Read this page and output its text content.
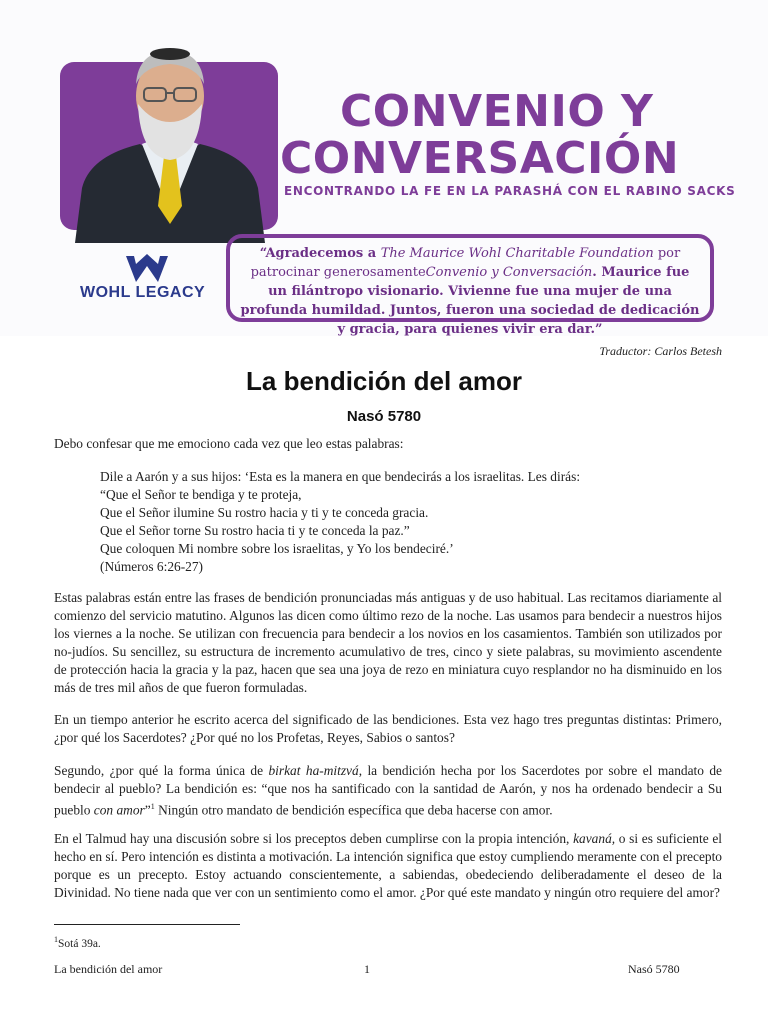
WOHL LEGACY
CONVENIO Y
CONVERSACIÓN
ENCONTRANDO LA FE EN LA PARASHÁ CON EL RABINO SACKS
“Agradecemos a The Maurice Wohl Charitable Foundation por patrocinar generosamenteConvenio y Conversación. Maurice fue un filántropo visionario. Vivienne fue una mujer de una profunda humildad. Juntos, fueron una sociedad de dedicación y gracia, para quienes vivir era dar.”
Traductor: Carlos Betesh
La bendición del amor
Nasó 5780
Debo confesar que me emociono cada vez que leo estas palabras:
Dile a Aarón y a sus hijos: ‘Esta es la manera en que bendecirás a los israelitas. Les dirás:
“Que el Señor te bendiga y te proteja,
Que el Señor ilumine Su rostro hacia y ti y te conceda gracia.
Que el Señor torne Su rostro hacia ti y te conceda la paz.”
Que coloquen Mi nombre sobre los israelitas, y Yo los bendeciré.’
(Números 6:26-27)
Estas palabras están entre las frases de bendición pronunciadas más antiguas y de uso habitual. Las recitamos diariamente al comienzo del servicio matutino. Algunos las dicen como último rezo de la noche. Las usamos para bendecir a nuestros hijos los viernes a la noche. Se utilizan con frecuencia para bendecir a los novios en los casamientos. También son utilizados por no-judíos. Su sencillez, su estructura de incremento acumulativo de tres, cinco y siete palabras, su movimiento ascendente de protección hacia la gracia y la paz, hacen que sea una joya de rezo en miniatura cuyo resplandor no ha disminuido en los más de tres mil años de que fueron formuladas.
En un tiempo anterior he escrito acerca del significado de las bendiciones. Esta vez hago tres preguntas distintas: Primero, ¿por qué los Sacerdotes? ¿Por qué no los Profetas, Reyes, Sabios o santos?
Segundo, ¿por qué la forma única de birkat ha-mitzvá, la bendición hecha por los Sacerdotes por sobre el mandato de bendecir al pueblo? La bendición es: “que nos ha santificado con la santidad de Aarón, y nos ha ordenado bendecir a Su pueblo con amor”$^1$ Ningún otro mandato de bendición específica que deba hacerse con amor.
En el Talmud hay una discusión sobre si los preceptos deben cumplirse con la propia intención, kavaná, o si es suficiente el hecho en sí. Pero intención es distinta a motivación. La intención significa que estoy cumpliendo meramente con el precepto porque es un precepto. Estoy actuando conscientemente, a sabiendas, obedeciendo deliberadamente el deseo de la Divinidad. No tiene nada que ver con un sentimiento como el amor. ¿Por qué este mandato y ningún otro requiere del amor?
$^1$Sotá 39a.
La bendición del amor	1	Nasó 5780
